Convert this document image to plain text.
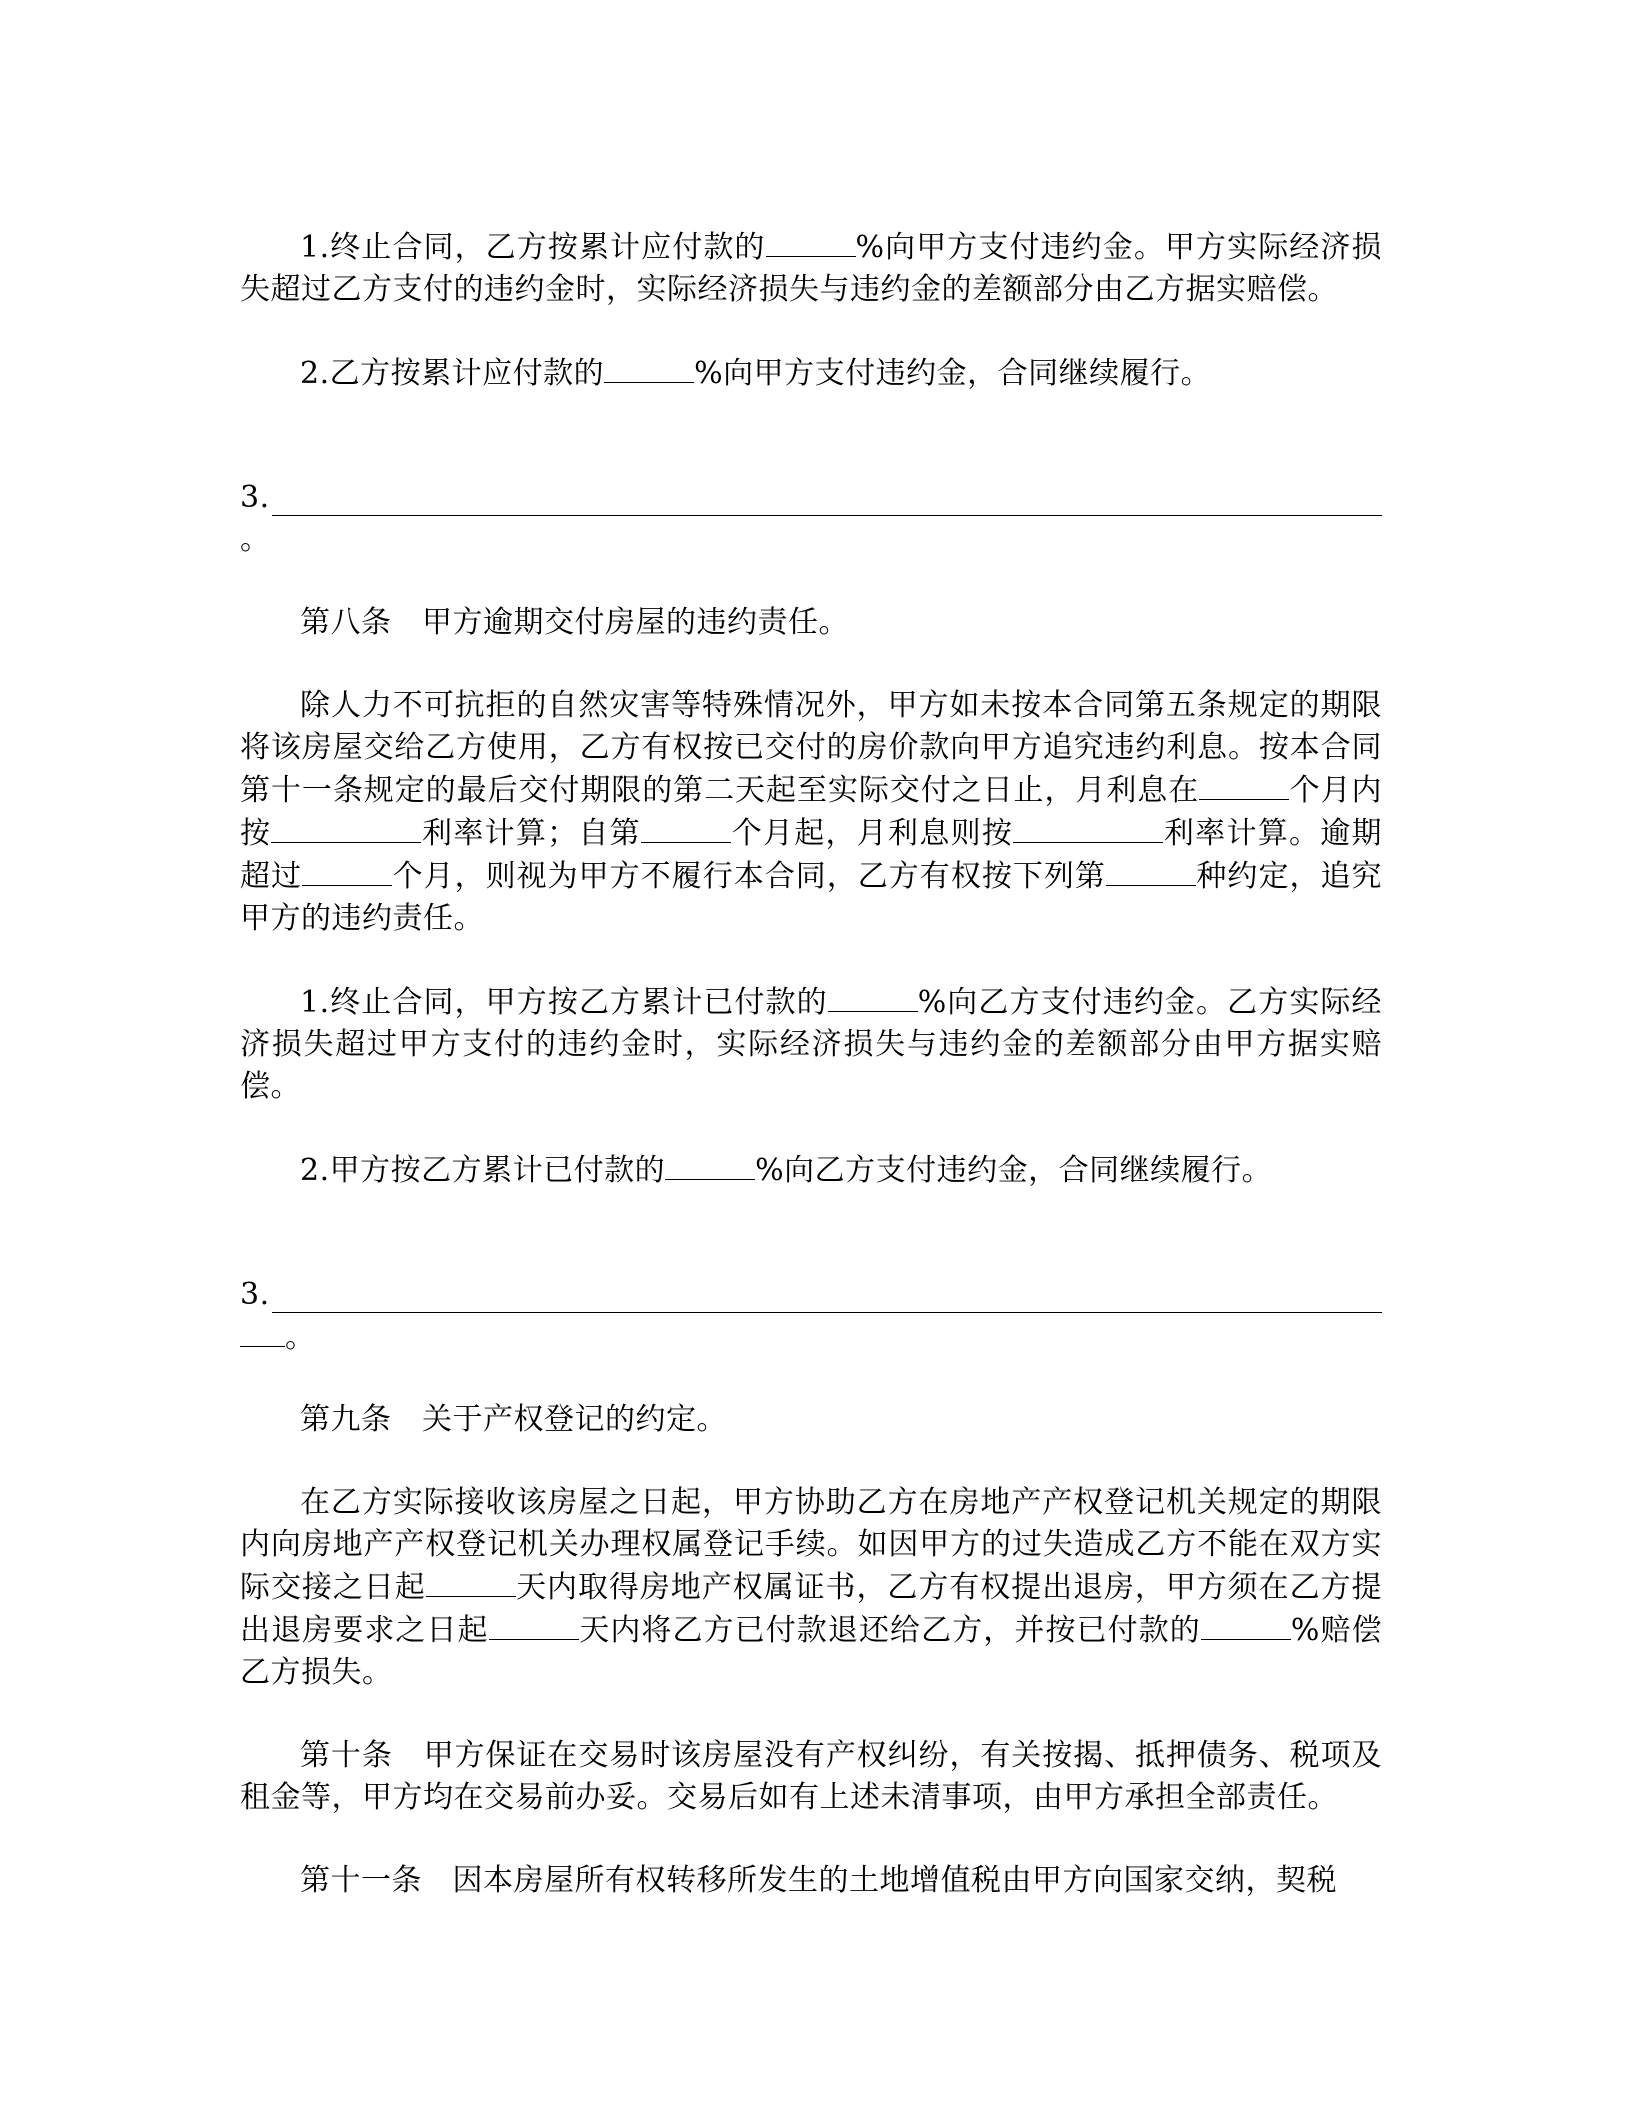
1.终止合同，乙方按累计应付款的	%向甲方支付违约金。甲方实际经济损失超过乙方支付的违约金时，实际经济损失与违约金的差额部分由乙方据实赔偿。

2.乙方按累计应付款的	%向甲方支付违约金，合同继续履行。

3.
。

第八条　甲方逾期交付房屋的违约责任。

除人力不可抗拒的自然灾害等特殊情况外，甲方如未按本合同第五条规定的期限将该房屋交给乙方使用，乙方有权按已交付的房价款向甲方追究违约利息。按本合同第十一条规定的最后交付期限的第二天起至实际交付之日止，月利息在	个月内按	利率计算；自第	个月起，月利息则按	利率计算。逾期超过	个月，则视为甲方不履行本合同，乙方有权按下列第	种约定，追究甲方的违约责任。

1.终止合同，甲方按乙方累计已付款的	%向乙方支付违约金。乙方实际经济损失超过甲方支付的违约金时，实际经济损失与违约金的差额部分由甲方据实赔偿。

2.甲方按乙方累计已付款的	%向乙方支付违约金，合同继续履行。

3.
。

第九条　关于产权登记的约定。

在乙方实际接收该房屋之日起，甲方协助乙方在房地产产权登记机关规定的期限内向房地产产权登记机关办理权属登记手续。如因甲方的过失造成乙方不能在双方实际交接之日起	天内取得房地产权属证书，乙方有权提出退房，甲方须在乙方提出退房要求之日起	天内将乙方已付款退还给乙方，并按已付款的	%赔偿乙方损失。

第十条　甲方保证在交易时该房屋没有产权纠纷，有关按揭、抵押债务、税项及租金等，甲方均在交易前办妥。交易后如有上述未清事项，由甲方承担全部责任。

第十一条　因本房屋所有权转移所发生的土地增值税由甲方向国家交纳，契税
